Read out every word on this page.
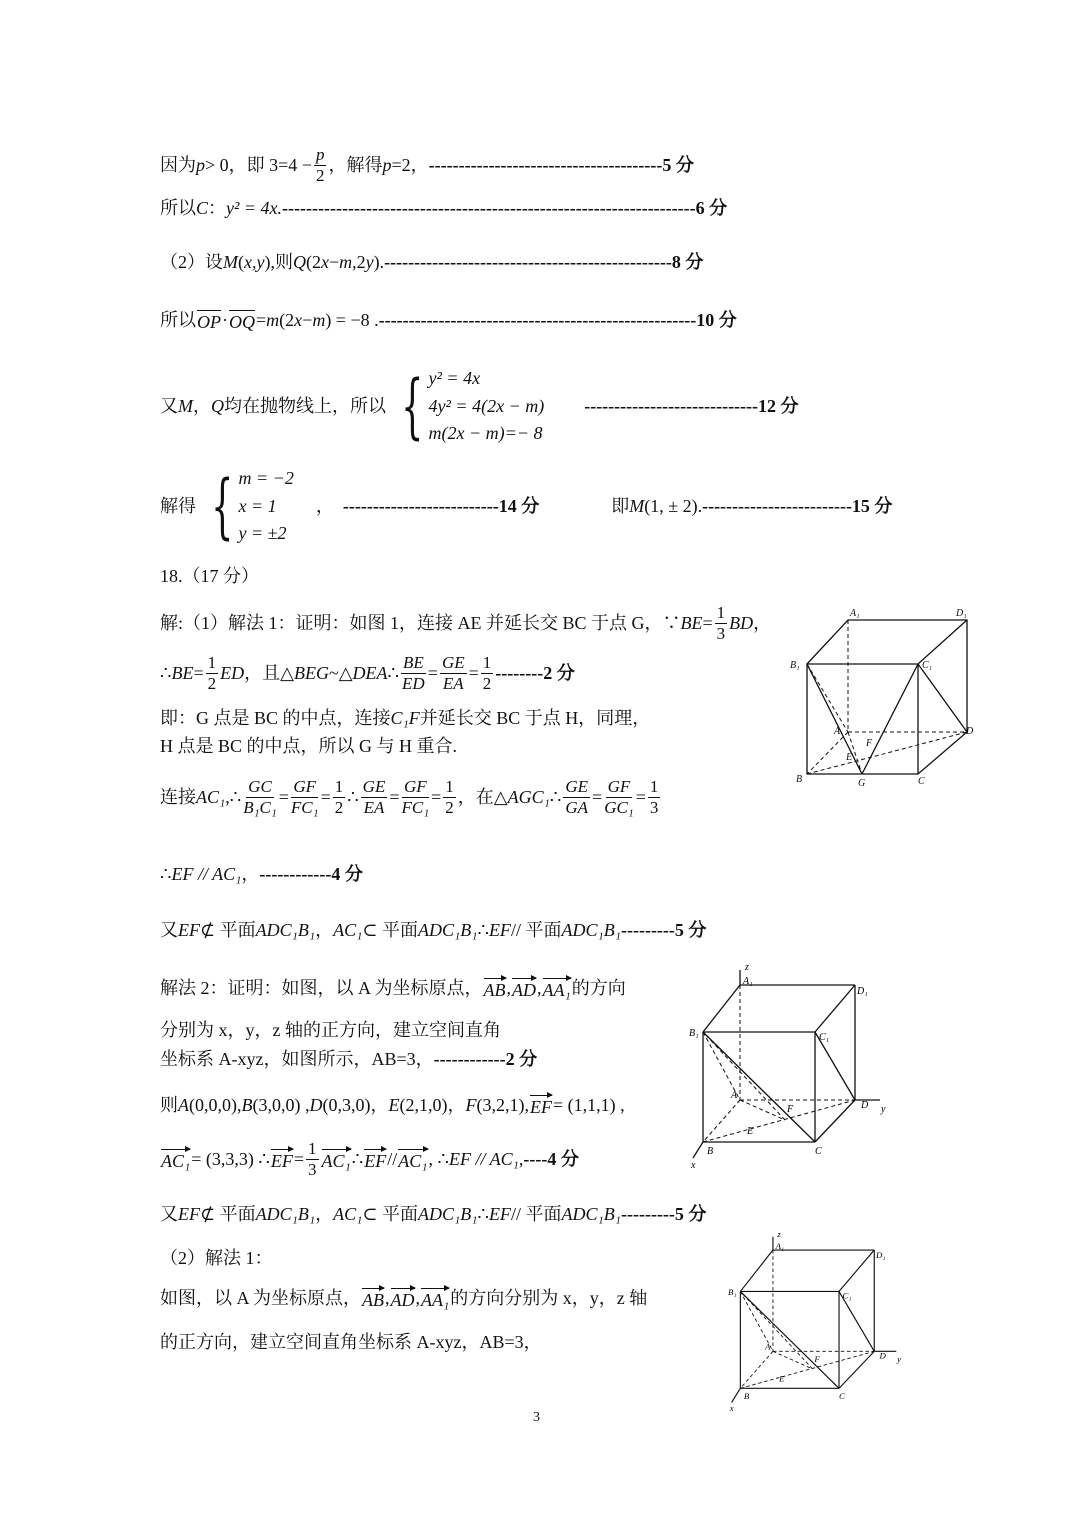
因为 p > 0，即 $3=4 - \frac{p}{2}$ ，解得 p =2， ---------------------------------------5 分
所以 C ： y² = 4x. ---------------------------------------------------------------------6 分
（2）设 M ( x,y ),则 Q (2 x − m ,2 y ). ------------------------------------------------8 分
所以 OP · OQ = m (2 x − m ) = −8 . -----------------------------------------------------10 分
又 M ， Q 均在抛物线上，所以 { y² = 4x
4y² = 4(2x − m)
m(2x − m)=− 8

-----------------------------12 分
解得 { m = −2
x = 1
y = ±2
　，　 --------------------------14 分 　　　　即 M (1, ± 2). -------------------------15 分
18.（17 分）
解:（1）解法 1：证明：如图 1，连接 AE 并延长交 BC 于点 G，∵ BE = $\frac{1}{3}$ BD ，
∴ BE = $\frac{1}{2}$ ED ，且△ BEG ~△ DEA ∴ $\frac{BE}{ED} = \frac{GE}{EA} = \frac{1}{2} --------2$ 分
即：G 点是 BC 的中点，连接 C₁F 并延长交 BC 于点 H，同理，
H 点是 BC 的中点，所以 G 与 H 重合.
连接 AC₁ ,∴ $\frac{GC}{\text{B₁C₁}} = \frac{GF}{\text{FC₁}} = \frac{1}{2}$ ∴ $\frac{GE}{EA} = \frac{GF}{\text{FC₁}} = \frac{1}{2}$ ，在△ AGC₁ ∴ $\frac{GE}{GA} = \frac{GF}{\text{GC₁}} = \frac{1}{3}$
∴ EF // AC₁ ， ------------4 分
又 EF ⊄ 平面 ADC₁B₁ ， AC₁ ⊂ 平面 ADC₁B₁ ∴ EF // 平面 ADC₁B₁ ---------5 分
解法 2：证明：如图，以 A 为坐标原点， AB , AD , AA₁ 的方向
分别为 x，y，z 轴的正方向，建立空间直角
坐标系 A-xyz，如图所示，AB=3， ------------2 分
则 A (0,0,0), B (3,0,0) , D (0,3,0)， E (2,1,0)， F (3,2,1), EF = (1,1,1) ,
AC₁ = (3,3,3) ∴ EF = $\frac{1}{3} AC_1$ ∴ EF // AC₁ , ∴ EF // AC₁ , ----4 分
又 EF ⊄ 平面 ADC₁B₁ ， AC₁ ⊂ 平面 ADC₁B₁ ∴ EF // 平面 ADC₁B₁ ---------5 分
（2）解法 1：
如图，以 A 为坐标原点， AB , AD , AA₁ 的方向分别为 x，y，z 轴
的正方向，建立空间直角坐标系 A-xyz，AB=3，
3
A₁	D₁
B₁	C₁
A	D
B	C
E
F
G
z
A₁
D₁
B₁	C₁
A
D y
B	C
E
F
x
z
A₁
D₁
B₁	C₁
A
D y
B	C
E
F
x
